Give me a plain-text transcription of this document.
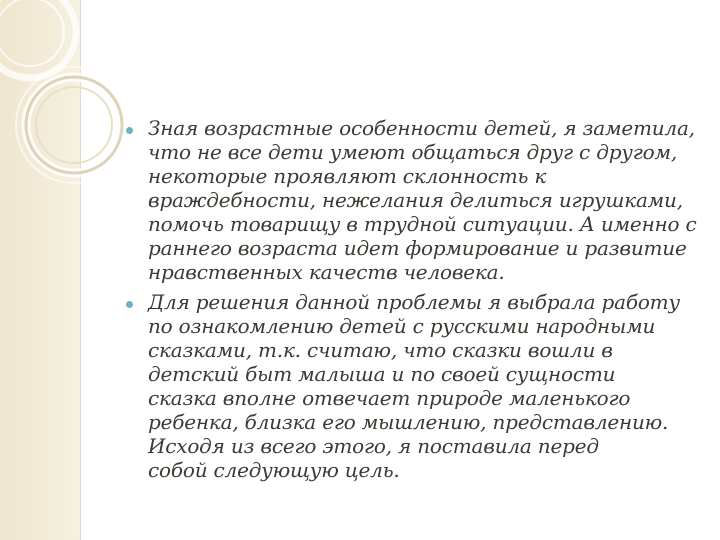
Зная возрастные особенности детей, я заметила,
что не все дети умеют общаться друг с другом,
некоторые проявляют склонность к
враждебности, нежелания делиться игрушками,
помочь товарищу в трудной ситуации. А именно с
раннего возраста идет формирование и развитие
нравственных качеств человека.
Для решения данной проблемы я выбрала работу
по ознакомлению детей с русскими народными
сказками, т.к. считаю, что сказки вошли в
детский быт малыша и по своей сущности
сказка вполне отвечает природе маленького
ребенка, близка его мышлению, представлению.
Исходя из всего этого, я поставила перед
собой следующую цель.
